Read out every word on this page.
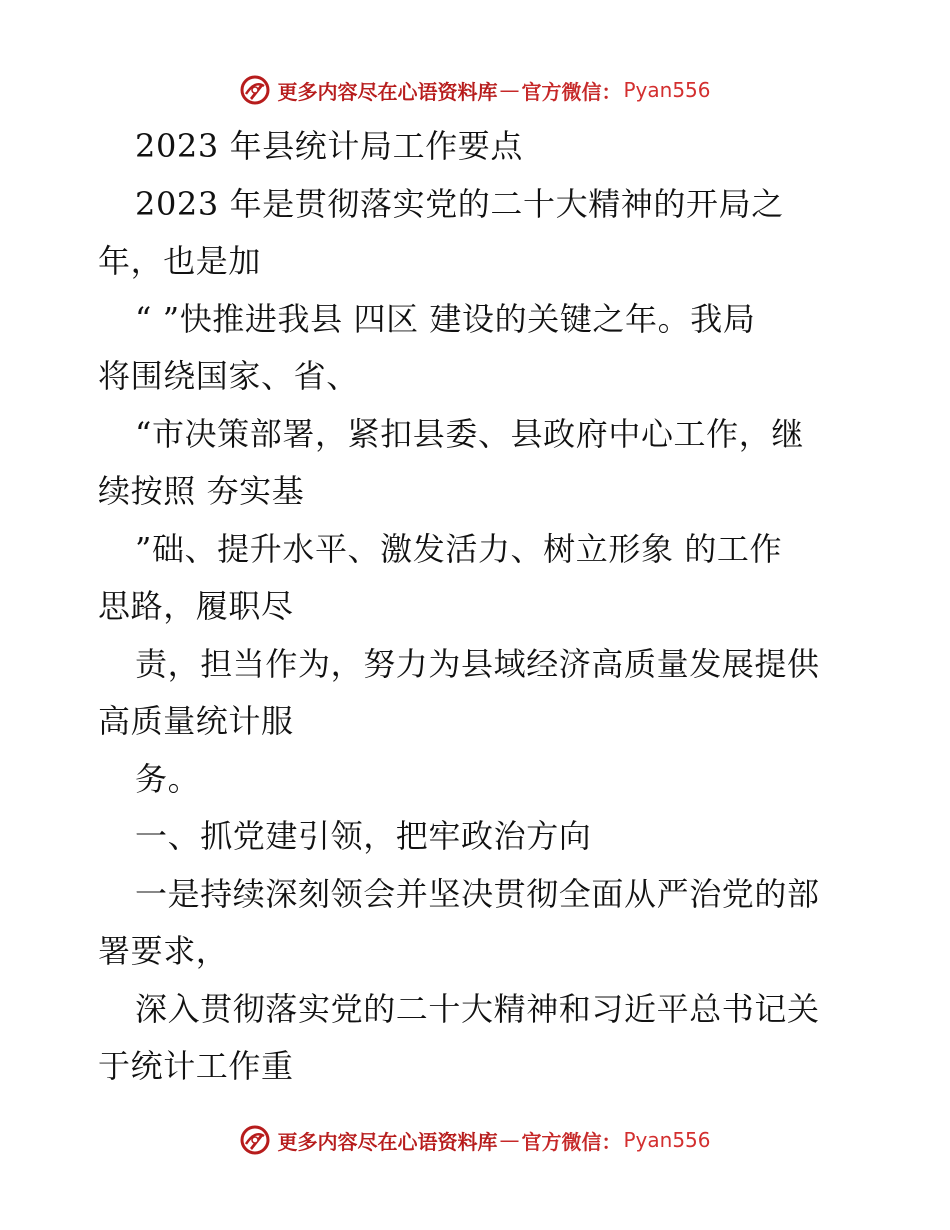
更多内容尽在心语资料库 — 官方微信： Pyan556
2023 年县统计局工作要点
2023 年是贯彻落实党的二十大精神的开局之
年，也是加
“ ”快推进我县 四区 建设的关键之年。我局
将围绕国家、省、
“市决策部署，紧扣县委、县政府中心工作，继
续按照 夯实基
”础、提升水平、激发活力、树立形象 的工作
思路，履职尽
责，担当作为，努力为县域经济高质量发展提供
高质量统计服
务。
一、抓党建引领，把牢政治方向
一是持续深刻领会并坚决贯彻全面从严治党的部
署要求，
深入贯彻落实党的二十大精神和习近平总书记关
于统计工作重
更多内容尽在心语资料库 — 官方微信： Pyan556
